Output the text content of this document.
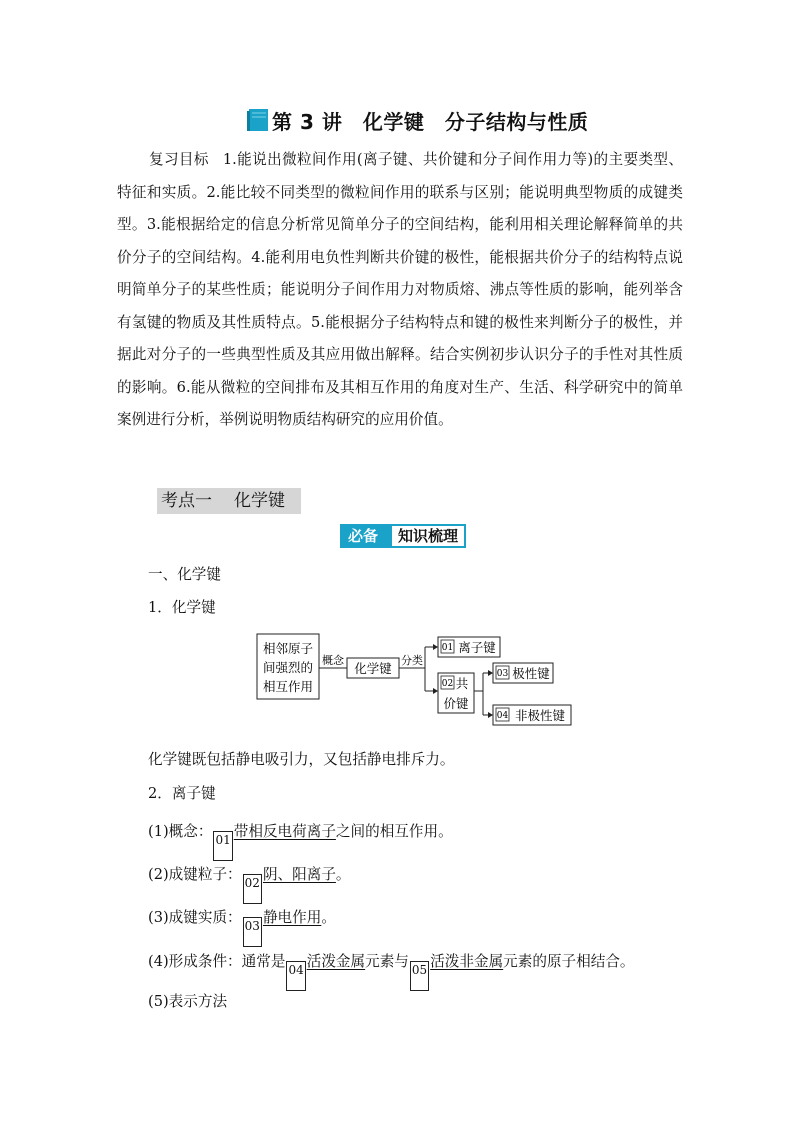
第 3 讲　化学键　分子结构与性质
复习目标 1.能说出微粒间作用(离子键、共价键和分子间作用力等)的主要类型、特征和实质。2.能比较不同类型的微粒间作用的联系与区别；能说明典型物质的成键类型。3.能根据给定的信息分析常见简单分子的空间结构，能利用相关理论解释简单的共价分子的空间结构。4.能利用电负性判断共价键的极性，能根据共价分子的结构特点说明简单分子的某些性质；能说明分子间作用力对物质熔、沸点等性质的影响，能列举含有氢键的物质及其性质特点。5.能根据分子结构特点和键的极性来判断分子的极性，并据此对分子的一些典型性质及其应用做出解释。结合实例初步认识分子的手性对其性质的影响。6.能从微粒的空间排布及其相互作用的角度对生产、生活、科学研究中的简单案例进行分析，举例说明物质结构研究的应用价值。
考点一 化学键
必备	知识梳理
一、化学键
1．化学键
相邻原子
间强烈的
相互作用
概念
化学键
分类
01 离子键
02 共
价键
03 极性键
04 非极性键
化学键既包括静电吸引力，又包括静电排斥力。
2．离子键
(1)概念： 01 带相反电荷离子之间的相互作用。
(2)成键粒子： 02 阴、阳离子。
(3)成键实质： 03 静电作用。
(4)形成条件：通常是 04 活泼金属元素与 05 活泼非金属元素的原子相结合。
(5)表示方法
